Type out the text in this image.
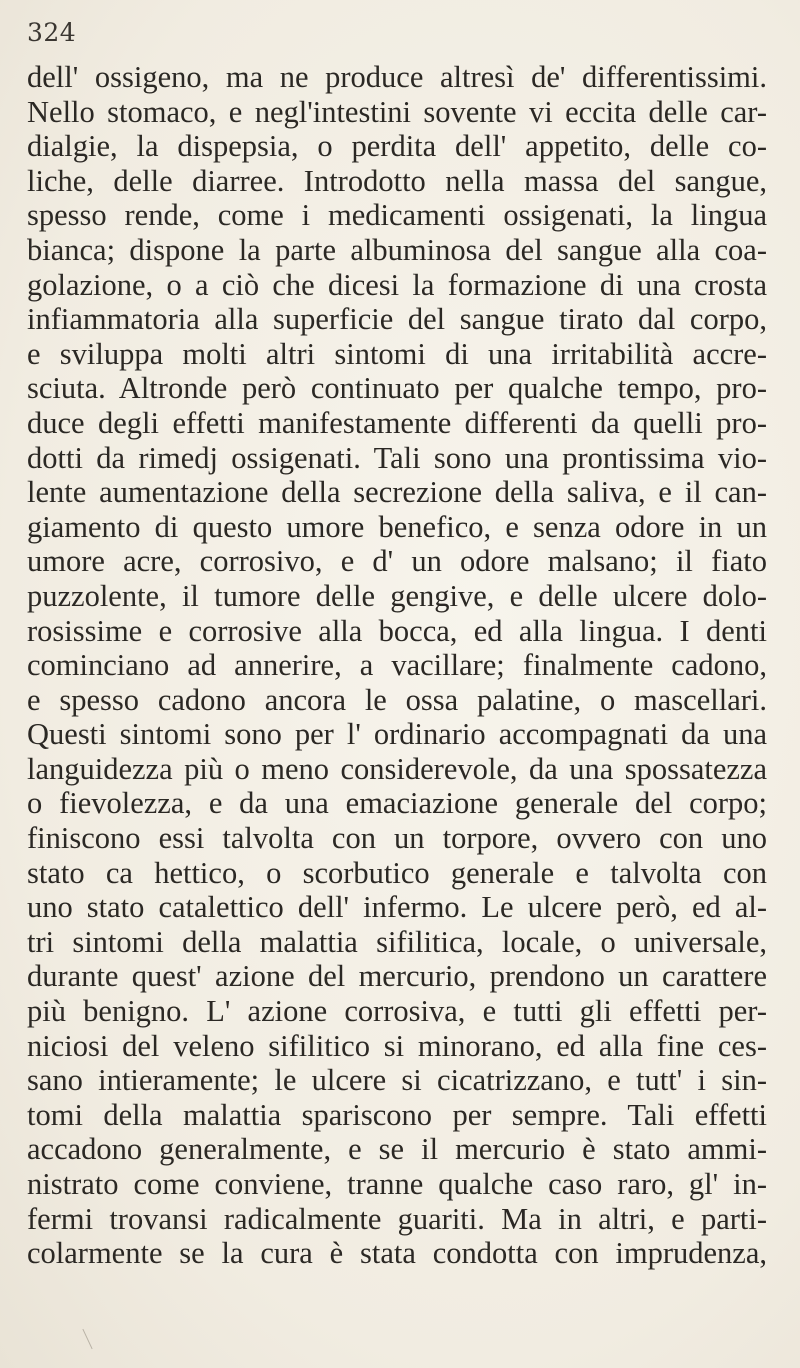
324
dell' ossigeno, ma ne produce altresì de' differentissimi.
Nello stomaco, e negl'intestini sovente vi eccita delle car-
dialgie, la dispepsia, o perdita dell' appetito, delle co-
liche, delle diarree. Introdotto nella massa del sangue,
spesso rende, come i medicamenti ossigenati, la lingua
bianca; dispone la parte albuminosa del sangue alla coa-
golazione, o a ciò che dicesi la formazione di una crosta
infiammatoria alla superficie del sangue tirato dal corpo,
e sviluppa molti altri sintomi di una irritabilità accre-
sciuta. Altronde però continuato per qualche tempo, pro-
duce degli effetti manifestamente differenti da quelli pro-
dotti da rimedj ossigenati. Tali sono una prontissima vio-
lente aumentazione della secrezione della saliva, e il can-
giamento di questo umore benefico, e senza odore in un
umore acre, corrosivo, e d' un odore malsano; il fiato
puzzolente, il tumore delle gengive, e delle ulcere dolo-
rosissime e corrosive alla bocca, ed alla lingua. I denti
cominciano ad annerire, a vacillare; finalmente cadono,
e spesso cadono ancora le ossa palatine, o mascellari.
Questi sintomi sono per l' ordinario accompagnati da una
languidezza più o meno considerevole, da una spossatezza
o fievolezza, e da una emaciazione generale del corpo;
finiscono essi talvolta con un torpore, ovvero con uno
stato ca hettico, o scorbutico generale e talvolta con
uno stato catalettico dell' infermo. Le ulcere però, ed al-
tri sintomi della malattia sifilitica, locale, o universale,
durante quest' azione del mercurio, prendono un carattere
più benigno. L' azione corrosiva, e tutti gli effetti per-
niciosi del veleno sifilitico si minorano, ed alla fine ces-
sano intieramente; le ulcere si cicatrizzano, e tutt' i sin-
tomi della malattia spariscono per sempre. Tali effetti
accadono generalmente, e se il mercurio è stato ammi-
nistrato come conviene, tranne qualche caso raro, gl' in-
fermi trovansi radicalmente guariti. Ma in altri, e parti-
colarmente se la cura è stata condotta con imprudenza,
